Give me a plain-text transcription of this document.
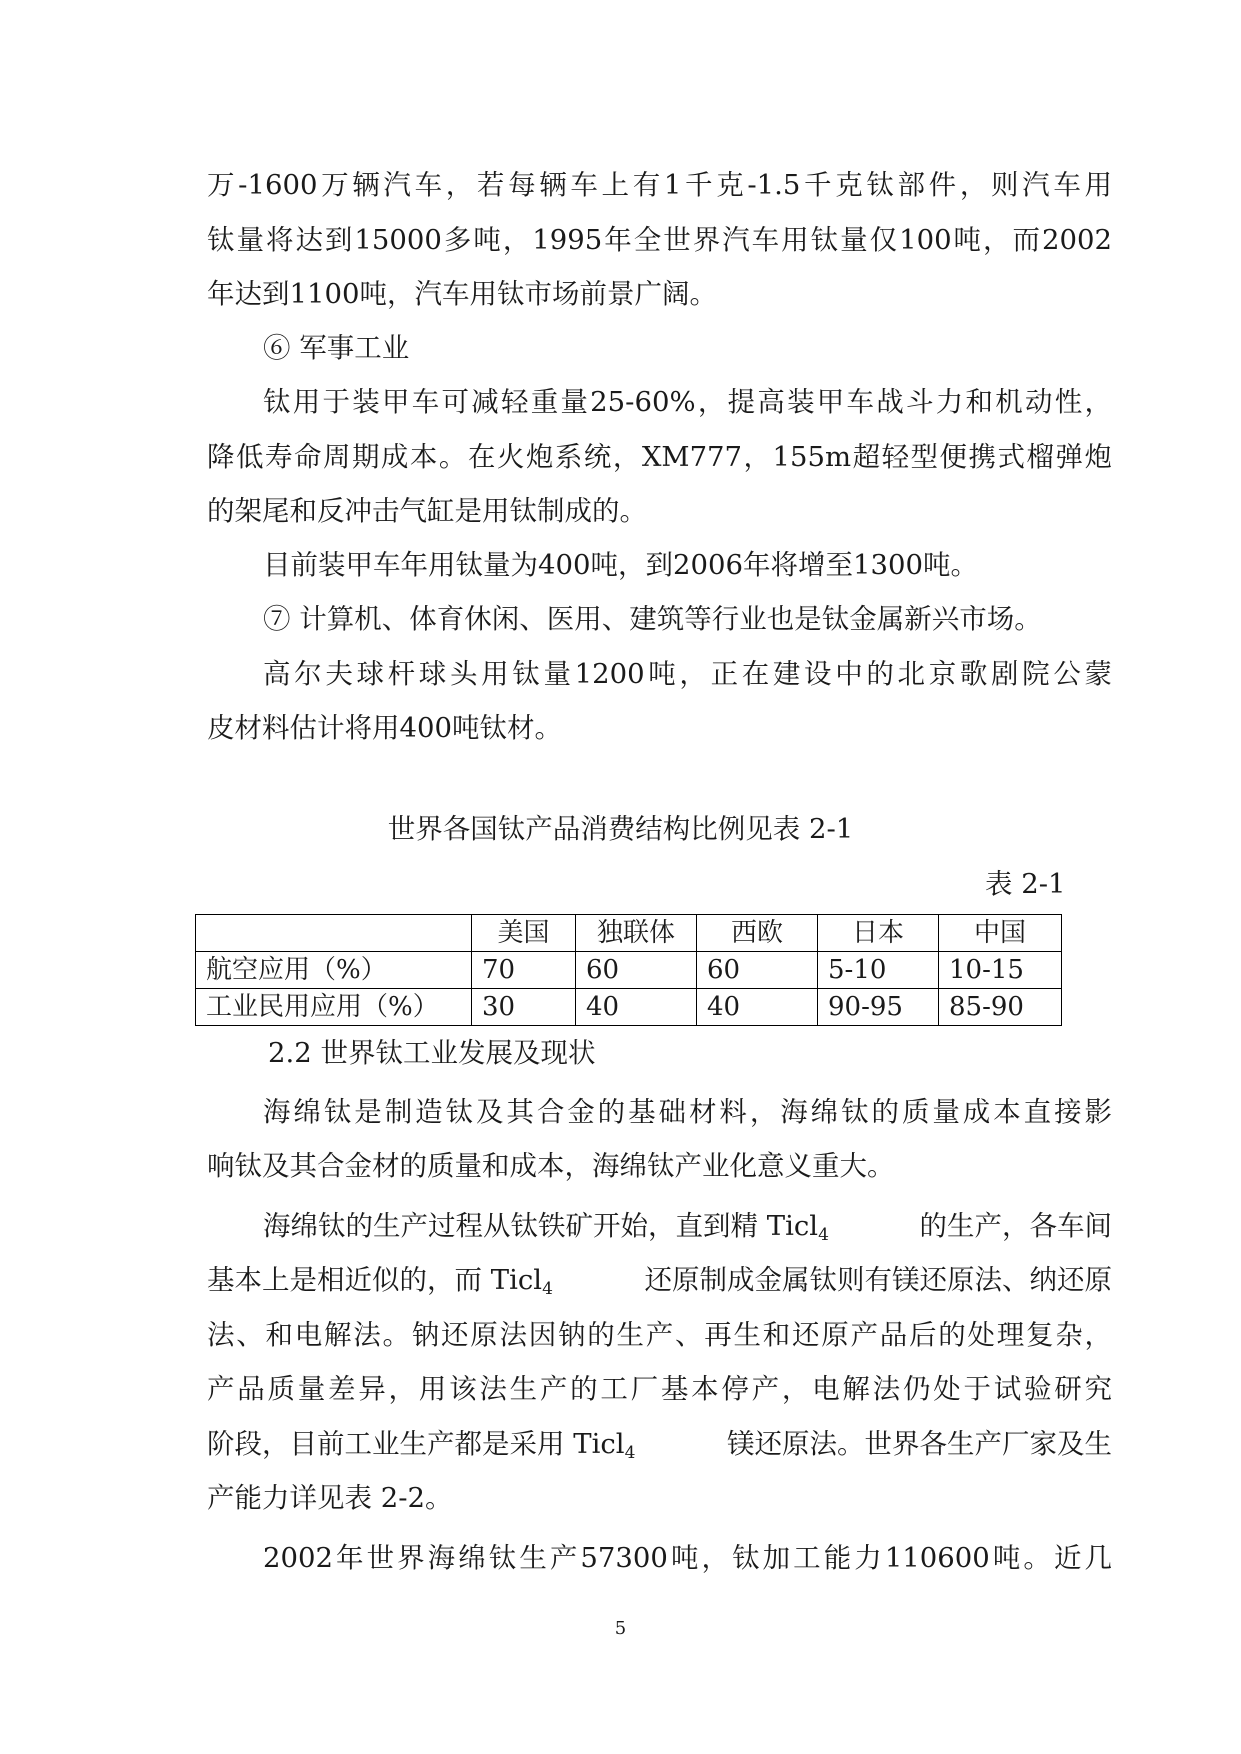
万-1600万辆汽车，若每辆车上有1千克-1.5千克钛部件，则汽车用
钛量将达到15000多吨，1995年全世界汽车用钛量仅100吨，而2002
年达到1100吨，汽车用钛市场前景广阔。
⑥ 军事工业
钛用于装甲车可减轻重量25-60%，提高装甲车战斗力和机动性，
降低寿命周期成本。在火炮系统，XM777，155m超轻型便携式榴弹炮
的架尾和反冲击气缸是用钛制成的。
目前装甲车年用钛量为400吨，到2006年将增至1300吨。
⑦ 计算机、体育休闲、医用、建筑等行业也是钛金属新兴市场。
高尔夫球杆球头用钛量1200吨，正在建设中的北京歌剧院公蒙
皮材料估计将用400吨钛材。
世界各国钛产品消费结构比例见表 2-1
表 2-1
	美国	独联体	西欧	日本	中国
航空应用（%）	70	60	60	5-10	10-15
工业民用应用（%）	30	40	40	90-95	85-90
2.2 世界钛工业发展及现状
海绵钛是制造钛及其合金的基础材料，海绵钛的质量成本直接影
响钛及其合金材的质量和成本，海绵钛产业化意义重大。
海绵钛的生产过程从钛铁矿开始，直到精 Ticl$_4$	的生产，各车间
基本上是相近似的，而 Ticl$_4$	还原制成金属钛则有镁还原法、纳还原
法、和电解法。钠还原法因钠的生产、再生和还原产品后的处理复杂，
产品质量差异，用该法生产的工厂基本停产，电解法仍处于试验研究
阶段，目前工业生产都是采用 Ticl$_4$	镁还原法。世界各生产厂家及生
产能力详见表 2-2。
2002年世界海绵钛生产57300吨，钛加工能力110600吨。近几
5
